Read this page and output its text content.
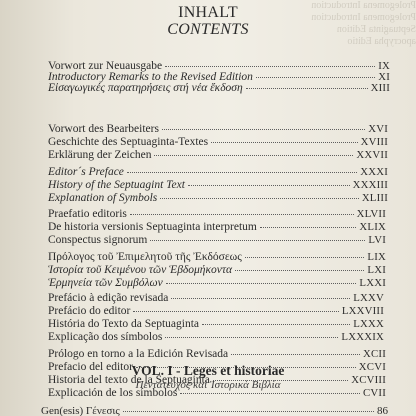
Prolegomena Introduction
Prolegomena Introduction
Septuaginta Edition
apocrypha Editio

INHALT
CONTENTS
Vorwort zur Neuausgabe	IX
Introductory Remarks to the Revised Edition	XI
Εἰσαγωγικές παρατηρήσεις στή νέα ἔκδοση	XIII
Vorwort des Bearbeiters	XVI
Geschichte des Septuaginta-Textes	XVIII
Erklärung der Zeichen	XXVII
Editor´s Preface	XXXI
History of the Septuagint Text	XXXIII
Explanation of Symbols	XLIII
Praefatio editoris	XLVII
De historia versionis Septuaginta interpretum	XLIX
Conspectus signorum	LVI
Πρόλογος τοῦ Ἐπιμελητοῦ τῆς Ἐκδόσεως	LIX
Ἱστορία τοῦ Κειμένου τῶν Ἑβδομήκοντα	LXI
Ἑρμηνεία τῶν Συμβόλων	LXXI
Prefácio à edição revisada	LXXV
Prefácio do editor	LXXVIII
História do Texto da Septuaginta	LXXX
Explicação dos símbolos	LXXXIX
Prólogo en torno a la Edición Revisada	XCII
Prefacio del editor	XCVI
Historia del texto de la Septuaginta	XCVIII
Explicación de los símbolos	CVII
VOL. I - Leges et historiae
Πεντάτευχος καὶ Ἱστορικὰ Βιβλία
Gen(esis) Γένεσις	86
